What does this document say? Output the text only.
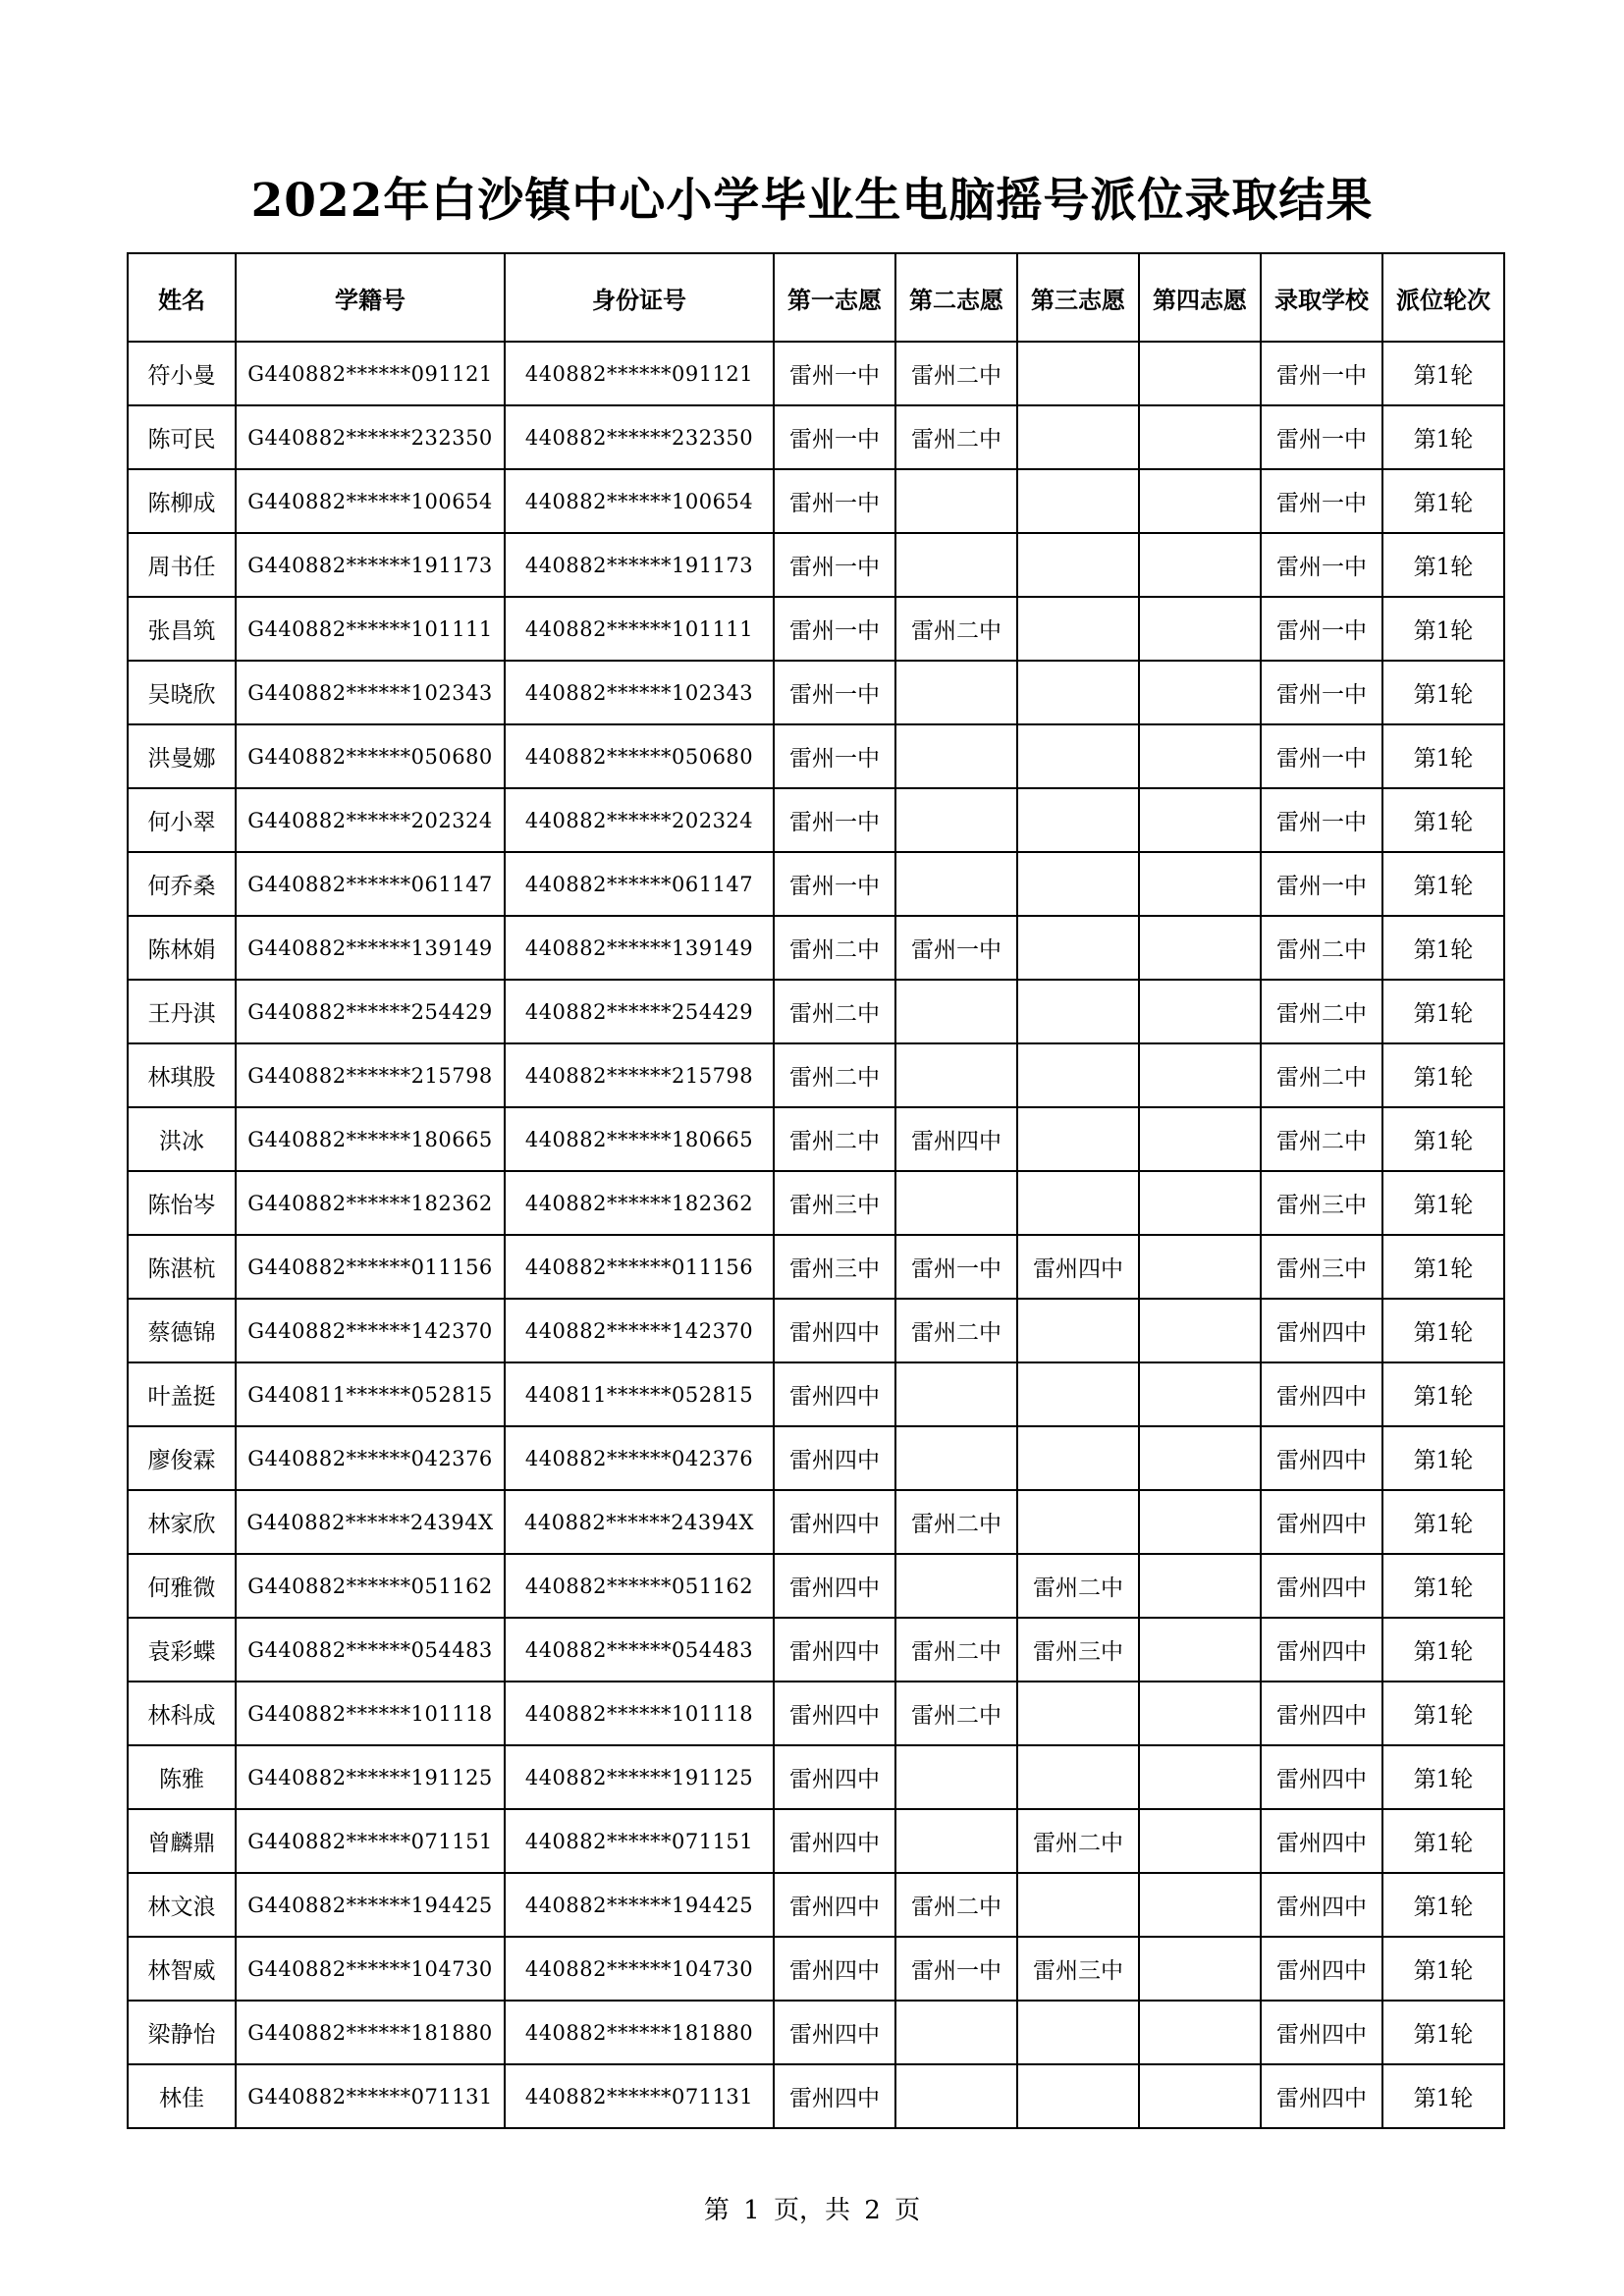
2022年白沙镇中心小学毕业生电脑摇号派位录取结果
姓名	学籍号	身份证号	第一志愿	第二志愿	第三志愿	第四志愿	录取学校	派位轮次
符小曼	G440882******091121	440882******091121	雷州一中	雷州二中			雷州一中	第1轮
陈可民	G440882******232350	440882******232350	雷州一中	雷州二中			雷州一中	第1轮
陈柳成	G440882******100654	440882******100654	雷州一中				雷州一中	第1轮
周书任	G440882******191173	440882******191173	雷州一中				雷州一中	第1轮
张昌筑	G440882******101111	440882******101111	雷州一中	雷州二中			雷州一中	第1轮
吴晓欣	G440882******102343	440882******102343	雷州一中				雷州一中	第1轮
洪曼娜	G440882******050680	440882******050680	雷州一中				雷州一中	第1轮
何小翠	G440882******202324	440882******202324	雷州一中				雷州一中	第1轮
何乔桑	G440882******061147	440882******061147	雷州一中				雷州一中	第1轮
陈林娟	G440882******139149	440882******139149	雷州二中	雷州一中			雷州二中	第1轮
王丹淇	G440882******254429	440882******254429	雷州二中				雷州二中	第1轮
林琪股	G440882******215798	440882******215798	雷州二中				雷州二中	第1轮
洪冰	G440882******180665	440882******180665	雷州二中	雷州四中			雷州二中	第1轮
陈怡岑	G440882******182362	440882******182362	雷州三中				雷州三中	第1轮
陈湛杭	G440882******011156	440882******011156	雷州三中	雷州一中	雷州四中		雷州三中	第1轮
蔡德锦	G440882******142370	440882******142370	雷州四中	雷州二中			雷州四中	第1轮
叶盖挺	G440811******052815	440811******052815	雷州四中				雷州四中	第1轮
廖俊霖	G440882******042376	440882******042376	雷州四中				雷州四中	第1轮
林家欣	G440882******24394X	440882******24394X	雷州四中	雷州二中			雷州四中	第1轮
何雅微	G440882******051162	440882******051162	雷州四中		雷州二中		雷州四中	第1轮
袁彩蝶	G440882******054483	440882******054483	雷州四中	雷州二中	雷州三中		雷州四中	第1轮
林科成	G440882******101118	440882******101118	雷州四中	雷州二中			雷州四中	第1轮
陈雅	G440882******191125	440882******191125	雷州四中				雷州四中	第1轮
曾麟鼎	G440882******071151	440882******071151	雷州四中		雷州二中		雷州四中	第1轮
林文浪	G440882******194425	440882******194425	雷州四中	雷州二中			雷州四中	第1轮
林智威	G440882******104730	440882******104730	雷州四中	雷州一中	雷州三中		雷州四中	第1轮
梁静怡	G440882******181880	440882******181880	雷州四中				雷州四中	第1轮
林佳	G440882******071131	440882******071131	雷州四中				雷州四中	第1轮
第 1 页，共 2 页
